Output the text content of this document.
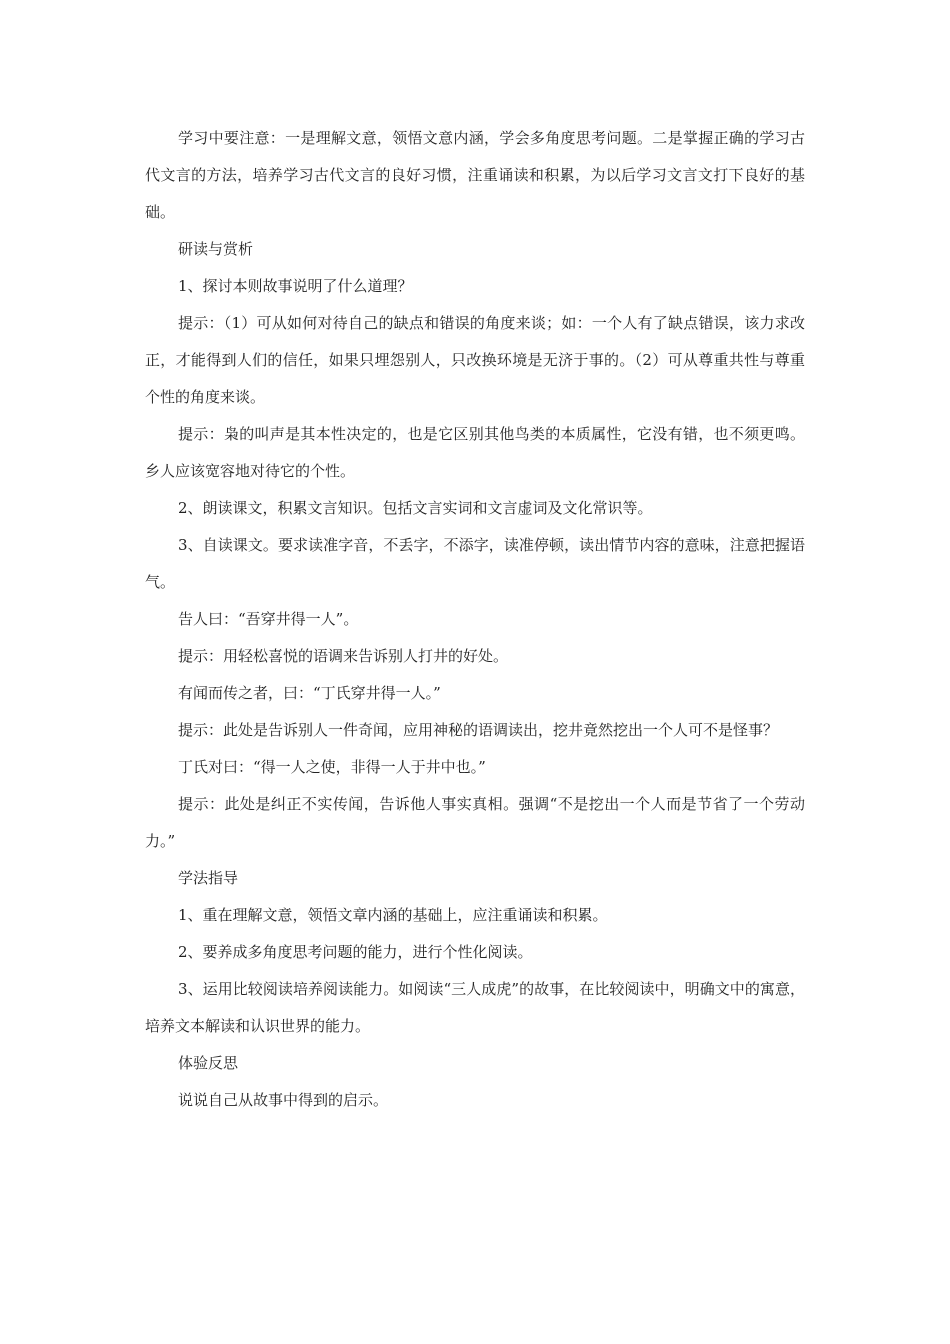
学习中要注意：一是理解文意，领悟文意内涵，学会多角度思考问题。二是掌握正确的学习古代文言的方法，培养学习古代文言的良好习惯，注重诵读和积累，为以后学习文言文打下良好的基础。

研读与赏析

1、探讨本则故事说明了什么道理？

提示：（1）可从如何对待自己的缺点和错误的角度来谈；如：一个人有了缺点错误，该力求改正，才能得到人们的信任，如果只埋怨别人，只改换环境是无济于事的。（2）可从尊重共性与尊重个性的角度来谈。

提示：枭的叫声是其本性决定的，也是它区别其他鸟类的本质属性，它没有错，也不须更鸣。乡人应该宽容地对待它的个性。

2、朗读课文，积累文言知识。包括文言实词和文言虚词及文化常识等。

3、自读课文。要求读准字音，不丢字，不添字，读准停顿，读出情节内容的意味，注意把握语气。

告人曰：“吾穿井得一人”。

提示：用轻松喜悦的语调来告诉别人打井的好处。

有闻而传之者，曰：“丁氏穿井得一人。”

提示：此处是告诉别人一件奇闻，应用神秘的语调读出，挖井竟然挖出一个人可不是怪事？

丁氏对曰：“得一人之使，非得一人于井中也。”

提示：此处是纠正不实传闻，告诉他人事实真相。强调“不是挖出一个人而是节省了一个劳动力。”

学法指导

1、重在理解文意，领悟文章内涵的基础上，应注重诵读和积累。

2、要养成多角度思考问题的能力，进行个性化阅读。

3、运用比较阅读培养阅读能力。如阅读“三人成虎”的故事，在比较阅读中，明确文中的寓意，培养文本解读和认识世界的能力。

体验反思

说说自己从故事中得到的启示。
